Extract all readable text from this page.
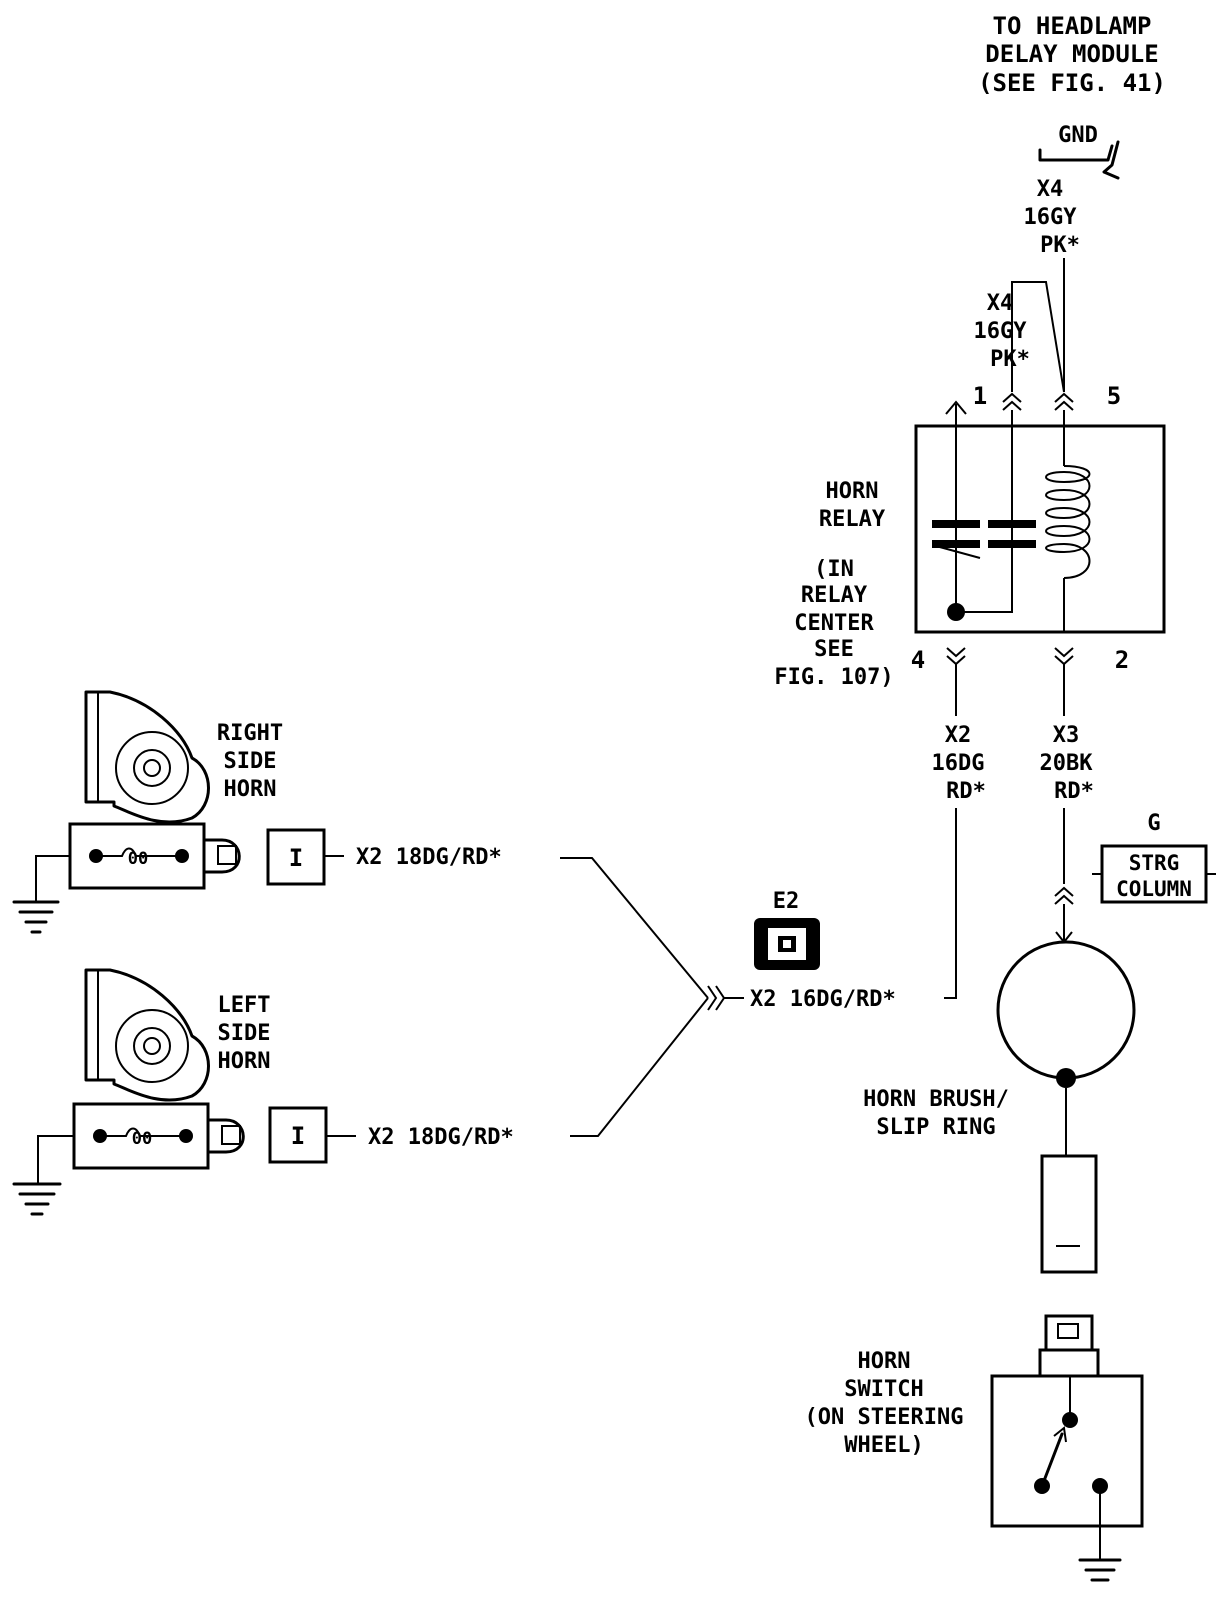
TO HEADLAMP
DELAY MODULE
(SEE FIG. 41)
GND
X4
16GY
PK*
X4
16GY
PK*
1	5
4	2
HORN
RELAY
(IN
RELAY
CENTER
SEE
FIG. 107)
X2
16DG
RD*
X3
20BK
RD*
G
STRG
COLUMN
HORN BRUSH/
SLIP RING
HORN
SWITCH
(ON STEERING
WHEEL)
E2
X2 16DG/RD*
RIGHT
SIDE
HORN
00	I X2 18DG/RD*
LEFT
SIDE
HORN
00	I	X2 18DG/RD*
